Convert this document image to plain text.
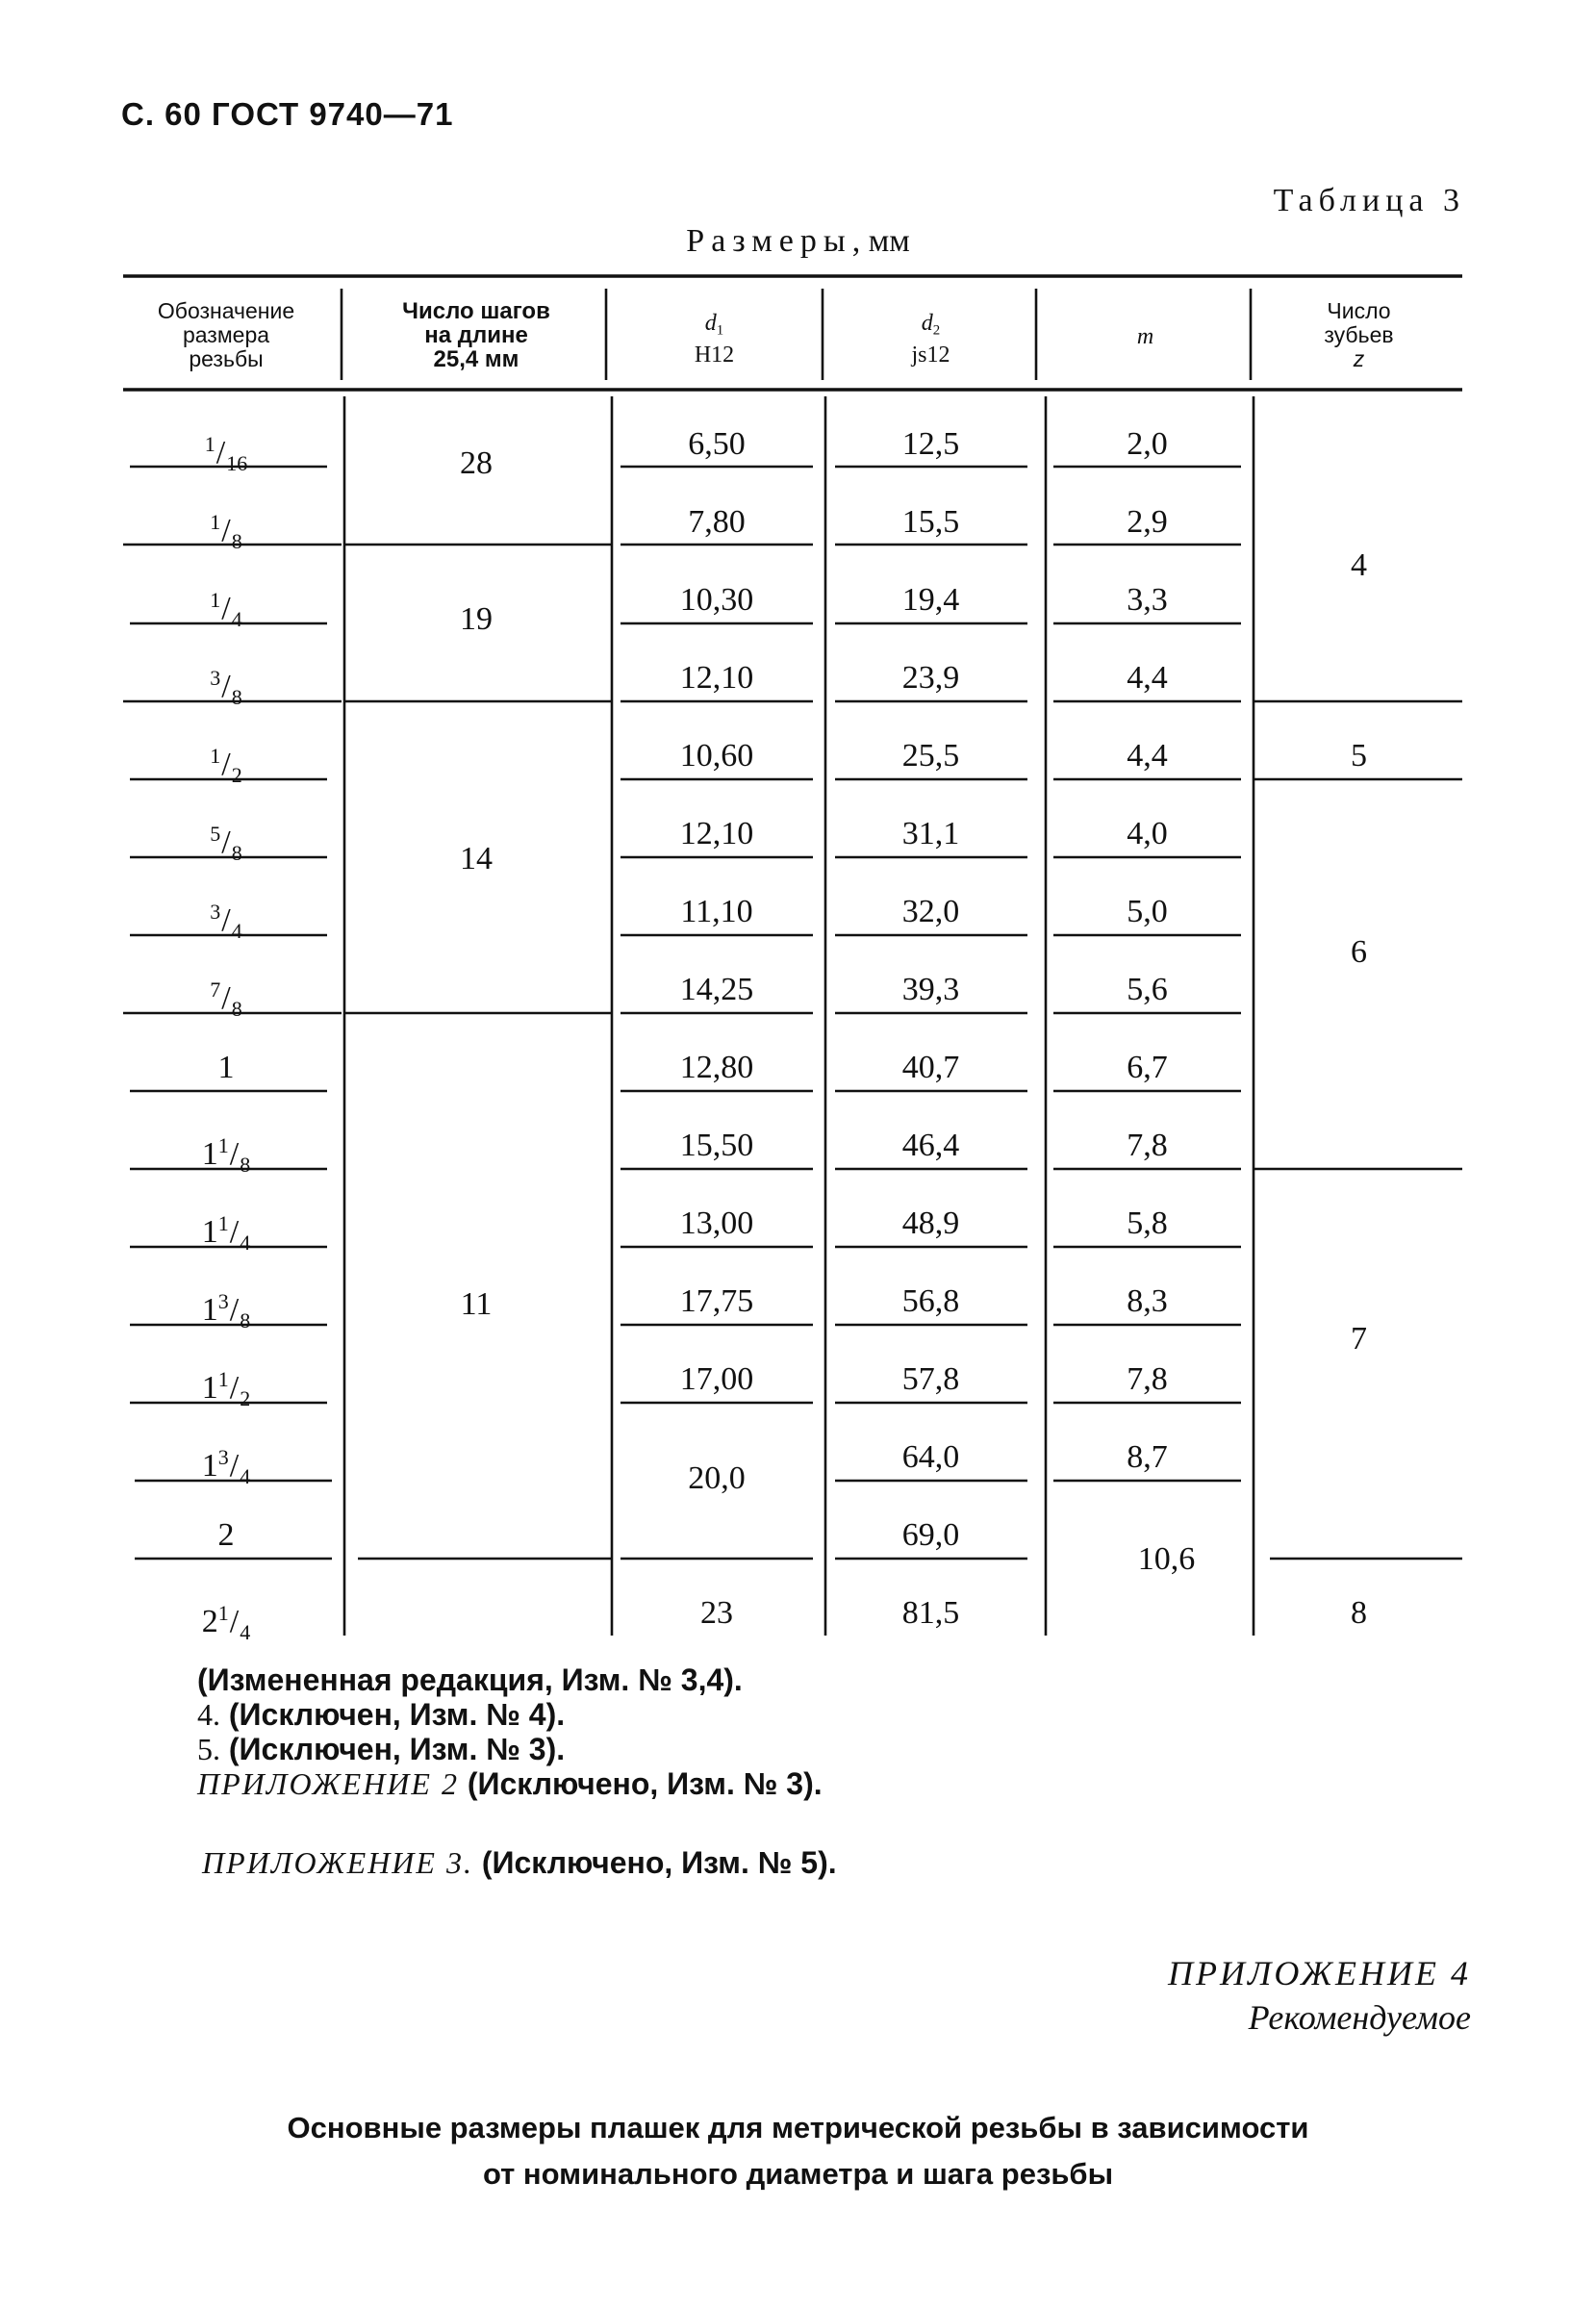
С. 60 ГОСТ 9740—71
Таблица 3
Размеры, мм
Обозначение
размера
резьбы
Число шагов
на длине
25,4 мм
$d_1$
H12
$d_2$
js12
m
Число
зубьев
z
$^1/_{16}$
$^1/_8$
$^1/_4$
$^3/_8$
$^1/_2$
$^5/_8$
$^3/_4$
$^7/_8$
1
$1^1/_8$
$1^1/_4$
$1^3/_8$
$1^1/_2$
$1^3/_4$
2
$2^1/_4$
28
19
14
11
6,50
7,80
10,30
12,10
10,60
12,10
11,10
14,25
12,80
15,50
13,00
17,75
17,00
20,0
23
12,5
15,5
19,4
23,9
25,5
31,1
32,0
39,3
40,7
46,4
48,9
56,8
57,8
64,0
69,0
81,5
2,0
2,9
3,3
4,4
4,4
4,0
5,0
5,6
6,7
7,8
5,8
8,3
7,8
8,7
10,6
4
5
6
7
8
(Измененная редакция, Изм. № 3,4).
4. (Исключен, Изм. № 4).
5. (Исключен, Изм. № 3).
ПРИЛОЖЕНИЕ 2 (Исключено, Изм. № 3).
ПРИЛОЖЕНИЕ 3. (Исключено, Изм. № 5).
ПРИЛОЖЕНИЕ 4
Рекомендуемое
Основные размеры плашек для метрической резьбы в зависимости
от номинального диаметра и шага резьбы
